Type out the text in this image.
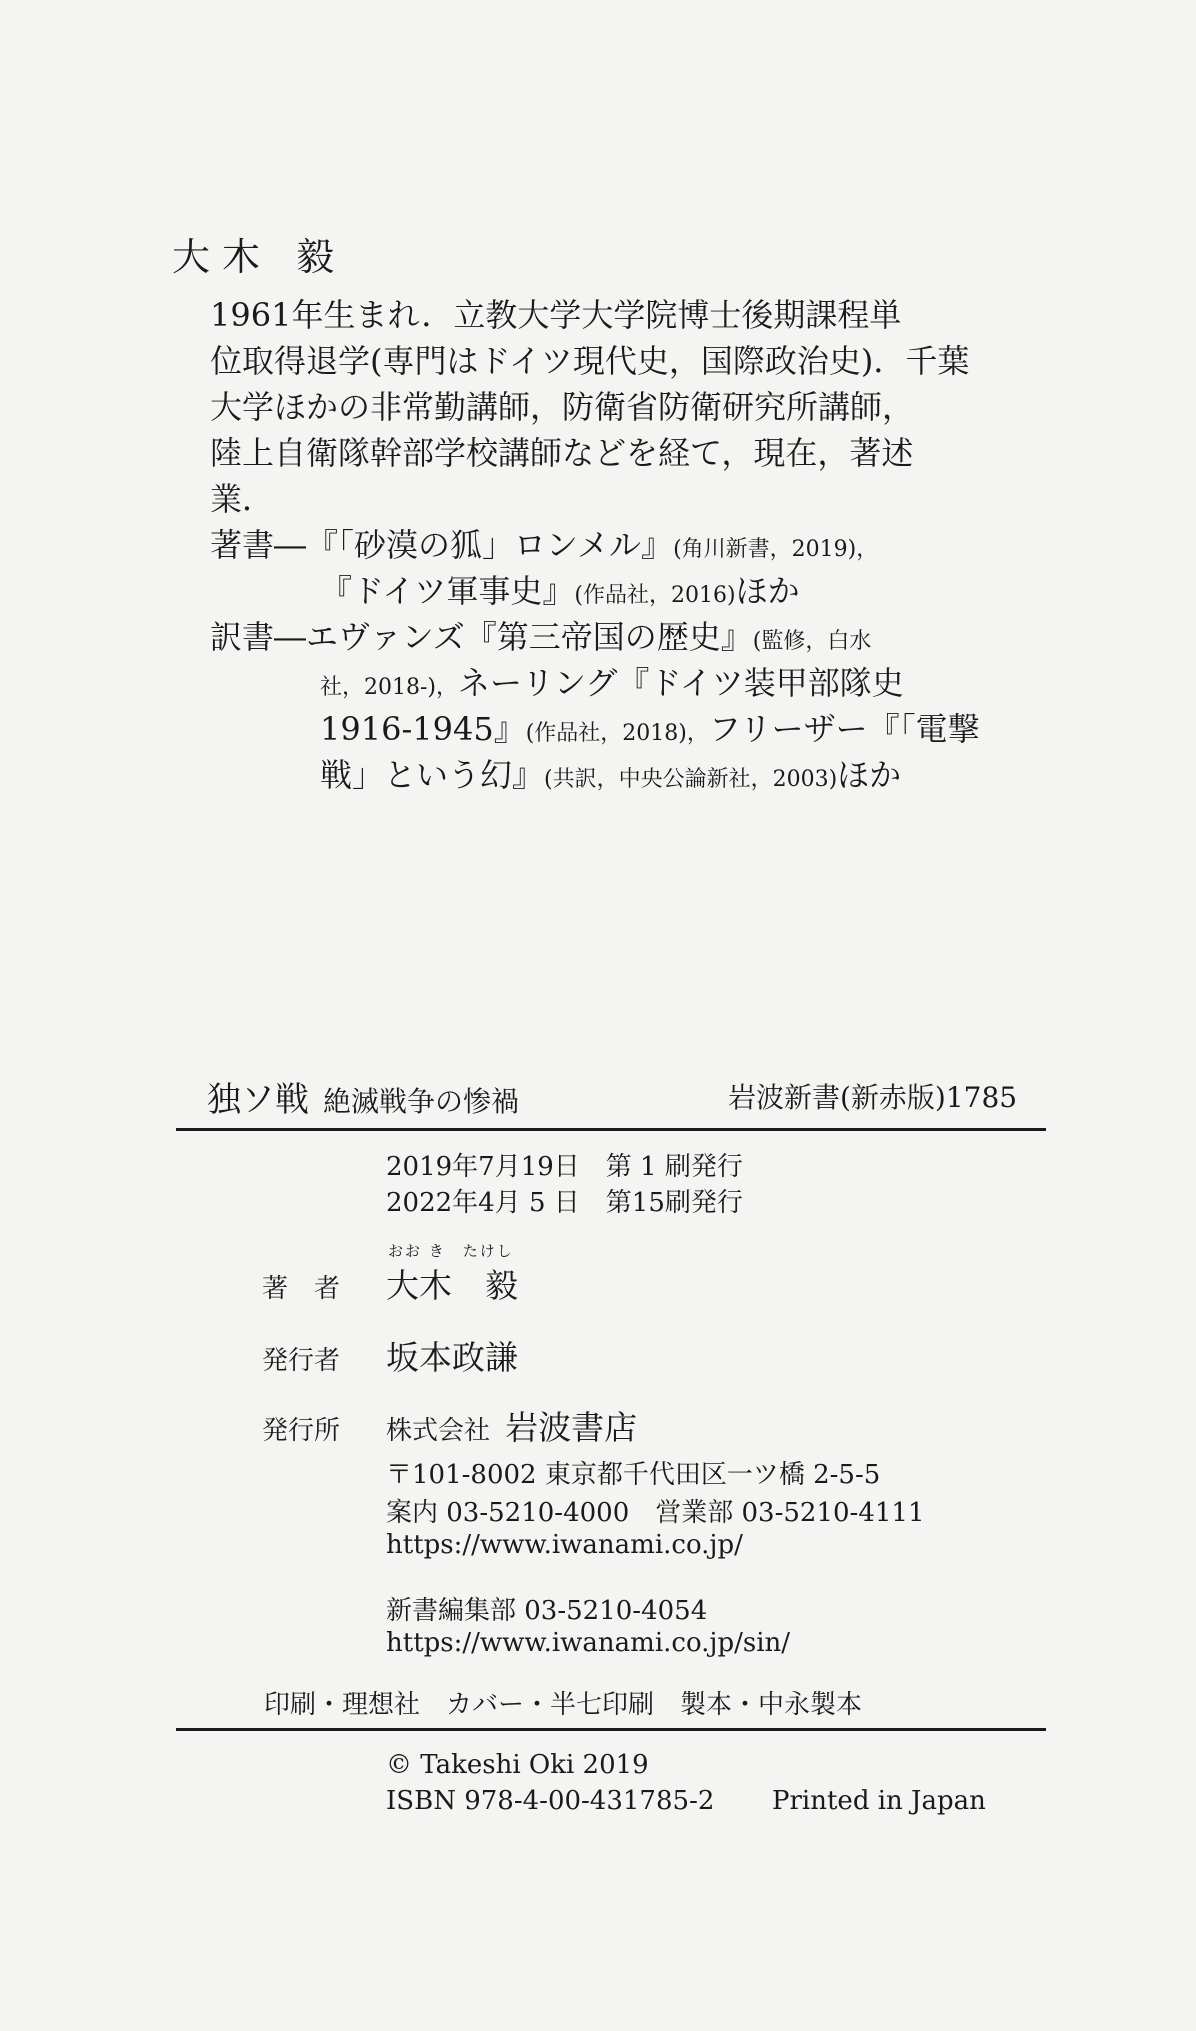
大木 毅
1961年生まれ．立教大学大学院博士後期課程単
位取得退学(専門はドイツ現代史，国際政治史)．千葉
大学ほかの非常勤講師，防衛省防衛研究所講師，
陸上自衛隊幹部学校講師などを経て，現在，著述
業．
著書―『「砂漠の狐」ロンメル』(角川新書，2019)，
『ドイツ軍事史』(作品社，2016)ほか
訳書―エヴァンズ『第三帝国の歴史』(監修，白水
社，2018-)，ネーリング『ドイツ装甲部隊史
1916-1945』(作品社，2018)，フリーザー『「電撃
戦」という幻』(共訳，中央公論新社，2003)ほか
独ソ戦 絶滅戦争の惨禍	岩波新書(新赤版)1785
2019年7月19日　第 1 刷発行
2022年4月 5 日　第15刷発行
おお き　たけし
著　者 大木　毅
発行者 坂本政謙
発行所 株式会社 岩波書店
〒101-8002 東京都千代田区一ツ橋 2-5-5
案内 03-5210-4000　営業部 03-5210-4111
https://www.iwanami.co.jp/
新書編集部 03-5210-4054
https://www.iwanami.co.jp/sin/
印刷・理想社　カバー・半七印刷　製本・中永製本
© Takeshi Oki 2019
ISBN 978-4-00-431785-2 Printed in Japan
